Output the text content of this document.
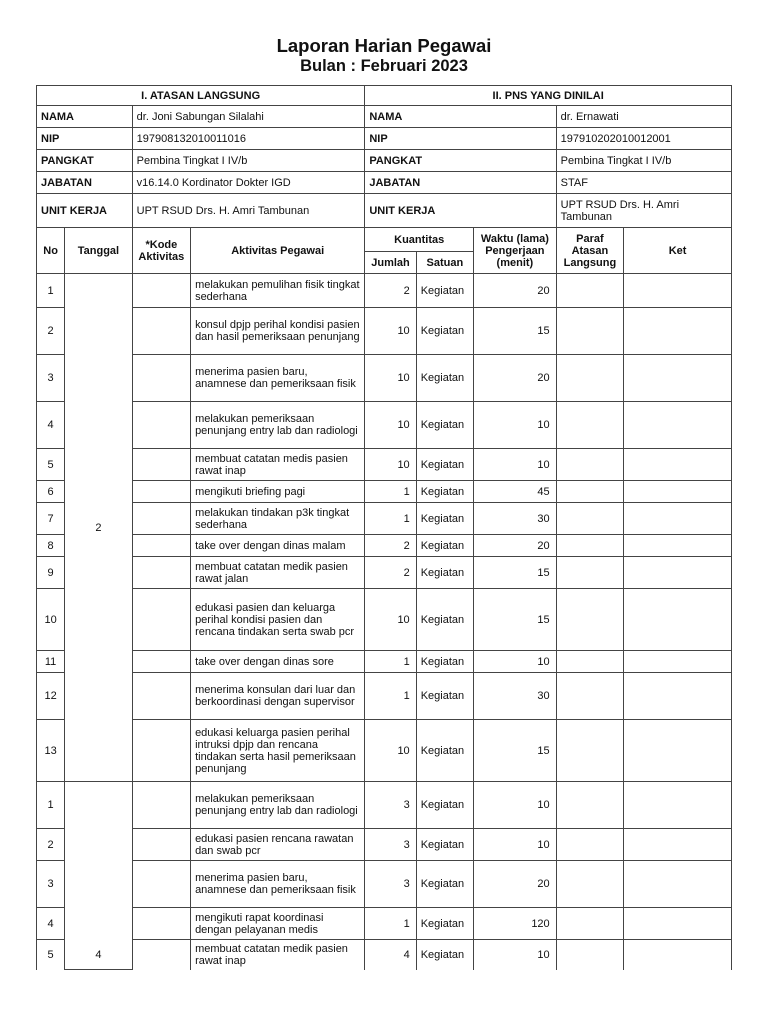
Laporan Harian Pegawai
Bulan : Februari 2023
I. ATASAN LANGSUNG				II. PNS YANG DINILAI				
NAMA		dr. Joni Sabungan Silalahi		NAMA			dr. Ernawati	
NIP		197908132010011016		NIP			197910202010012001	
PANGKAT		Pembina Tingkat I IV/b		PANGKAT			Pembina Tingkat I IV/b	
JABATAN		v16.14.0 Kordinator Dokter IGD		JABATAN			STAF	
UNIT KERJA		UPT RSUD Drs. H. Amri Tambunan		UNIT KERJA			UPT RSUD Drs. H. Amri Tambunan	
No	Tanggal	*Kode Aktivitas	Aktivitas Pegawai	Kuantitas		Waktu (lama) Pengerjaan (menit)	Paraf Atasan Langsung	Ket
				Jumlah	Satuan			
1	2		melakukan pemulihan fisik tingkat sederhana	2	Kegiatan	20		
2			konsul dpjp perihal kondisi pasien dan hasil pemeriksaan penunjang	10	Kegiatan	15		
3			menerima pasien baru, anamnese dan pemeriksaan fisik	10	Kegiatan	20		
4			melakukan pemeriksaan penunjang entry lab dan radiologi	10	Kegiatan	10		
5			membuat catatan medis pasien rawat inap	10	Kegiatan	10		
6			mengikuti briefing pagi	1	Kegiatan	45		
7			melakukan tindakan p3k tingkat sederhana	1	Kegiatan	30		
8			take over dengan dinas malam	2	Kegiatan	20		
9			membuat catatan medik pasien rawat jalan	2	Kegiatan	15		
10			edukasi pasien dan keluarga perihal kondisi pasien dan rencana tindakan serta swab pcr	10	Kegiatan	15		
11			take over dengan dinas sore	1	Kegiatan	10		
12			menerima konsulan dari luar dan berkoordinasi dengan supervisor	1	Kegiatan	30		
13			edukasi keluarga pasien perihal intruksi dpjp dan rencana tindakan serta hasil pemeriksaan penunjang	10	Kegiatan	15		
1	4		melakukan pemeriksaan penunjang entry lab dan radiologi	3	Kegiatan	10		
2			edukasi pasien rencana rawatan dan swab pcr	3	Kegiatan	10		
3			menerima pasien baru, anamnese dan pemeriksaan fisik	3	Kegiatan	20		
4			mengikuti rapat koordinasi dengan pelayanan medis	1	Kegiatan	120		
5			membuat catatan medik pasien rawat inap	4	Kegiatan	10		
